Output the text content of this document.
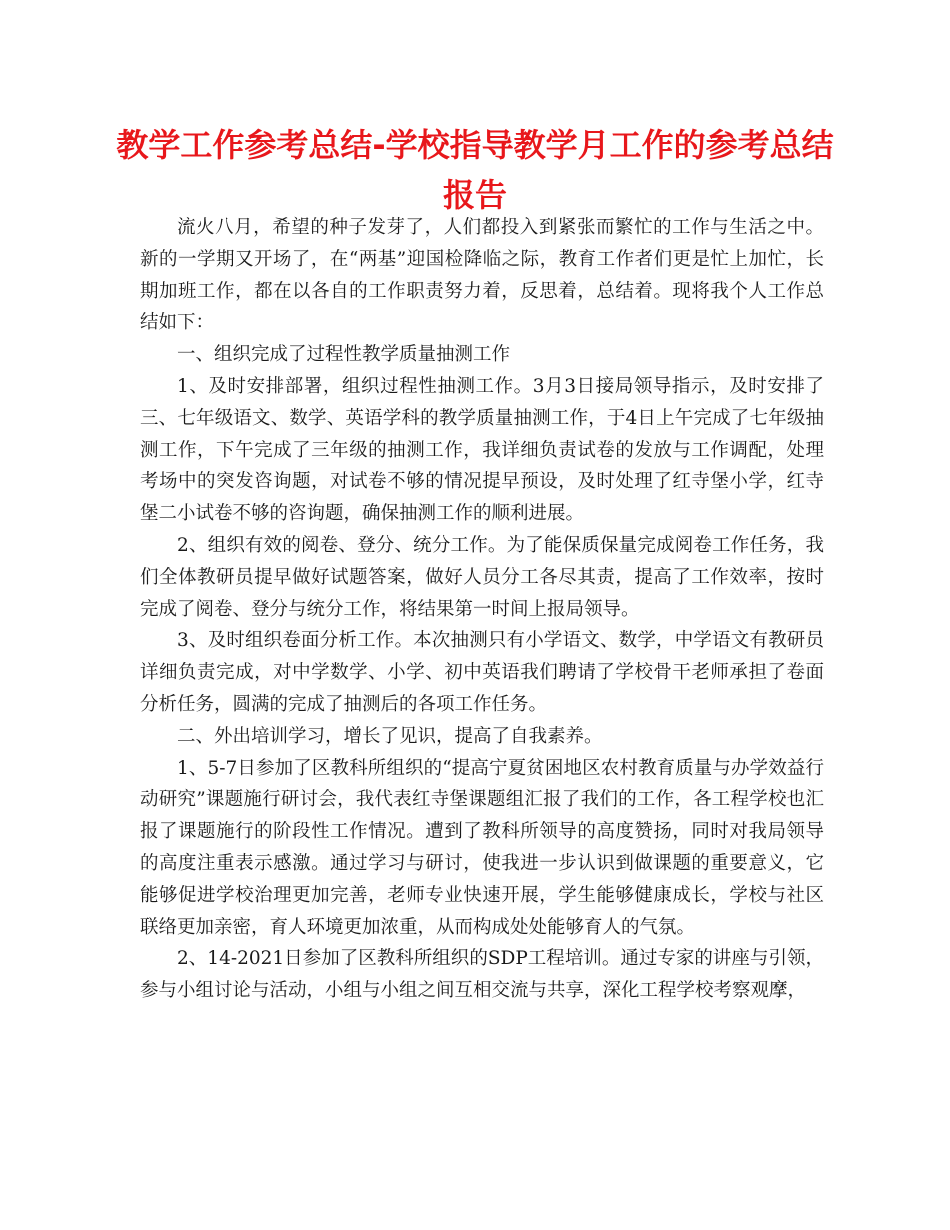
教学工作参考总结-学校指导教学月工作的参考总结报告

流火八月，希望的种子发芽了，人们都投入到紧张而繁忙的工作与生活之中。新的一学期又开场了，在“两基”迎国检降临之际，教育工作者们更是忙上加忙，长期加班工作，都在以各自的工作职责努力着，反思着，总结着。现将我个人工作总结如下：

一、组织完成了过程性教学质量抽测工作

1、及时安排部署，组织过程性抽测工作。3月3日接局领导指示，及时安排了三、七年级语文、数学、英语学科的教学质量抽测工作，于4日上午完成了七年级抽测工作，下午完成了三年级的抽测工作，我详细负责试卷的发放与工作调配，处理考场中的突发咨询题，对试卷不够的情况提早预设，及时处理了红寺堡小学，红寺堡二小试卷不够的咨询题，确保抽测工作的顺利进展。

2、组织有效的阅卷、登分、统分工作。为了能保质保量完成阅卷工作任务，我们全体教研员提早做好试题答案，做好人员分工各尽其责，提高了工作效率，按时完成了阅卷、登分与统分工作，将结果第一时间上报局领导。

3、及时组织卷面分析工作。本次抽测只有小学语文、数学，中学语文有教研员详细负责完成，对中学数学、小学、初中英语我们聘请了学校骨干老师承担了卷面分析任务，圆满的完成了抽测后的各项工作任务。

二、外出培训学习，增长了见识，提高了自我素养。

1、5-7日参加了区教科所组织的“提高宁夏贫困地区农村教育质量与办学效益行动研究”课题施行研讨会，我代表红寺堡课题组汇报了我们的工作，各工程学校也汇报了课题施行的阶段性工作情况。遭到了教科所领导的高度赞扬，同时对我局领导的高度注重表示感激。通过学习与研讨，使我进一步认识到做课题的重要意义，它能够促进学校治理更加完善，老师专业快速开展，学生能够健康成长，学校与社区联络更加亲密，育人环境更加浓重，从而构成处处能够育人的气氛。

2、14-2021日参加了区教科所组织的SDP工程培训。通过专家的讲座与引领，参与小组讨论与活动，小组与小组之间互相交流与共享，深化工程学校考察观摩，
